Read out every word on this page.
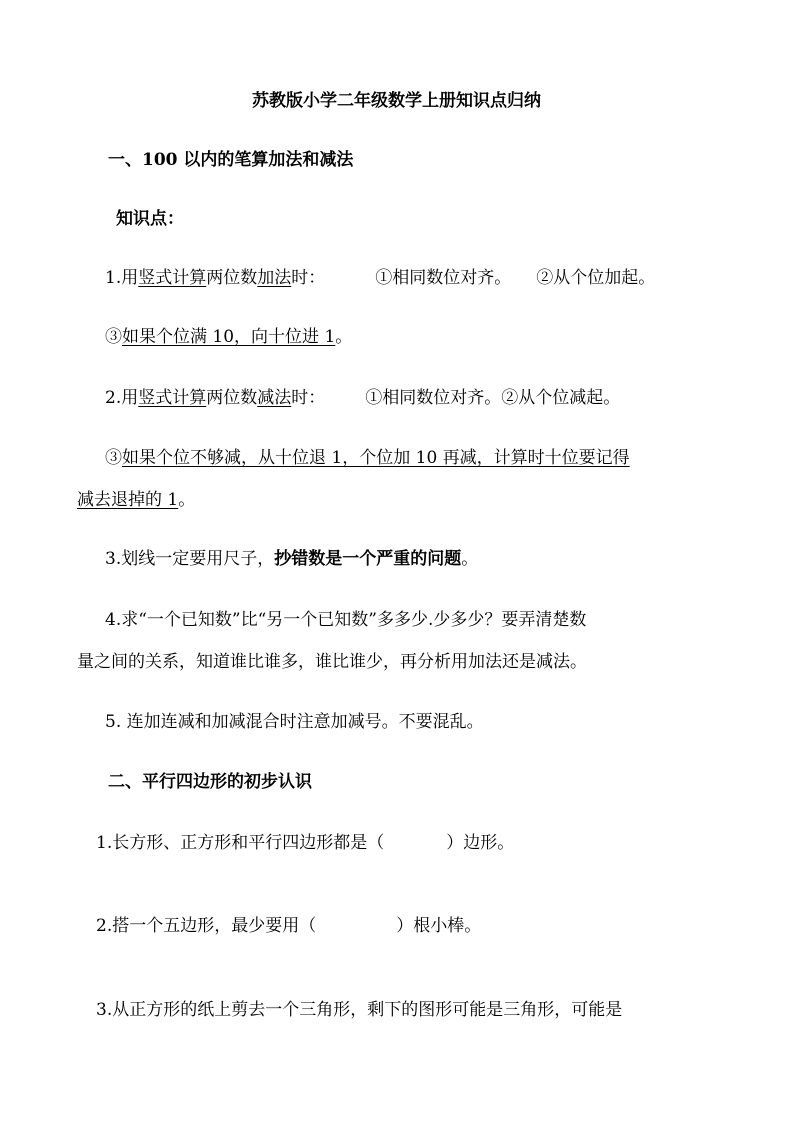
苏教版小学二年级数学上册知识点归纳
一、100 以内的笔算加法和减法
知识点：
1.用竖式计算两位数加法时：	①相同数位对齐。 ②从个位加起。
③如果个位满 10，向十位进 1。
2.用竖式计算两位数减法时： ①相同数位对齐。②从个位减起。
③如果个位不够减，从十位退 1，个位加 10 再减，计算时十位要记得
减去退掉的 1。
3.划线一定要用尺子，抄错数是一个严重的问题。
4.求“一个已知数”比“另一个已知数”多多少.少多少？要弄清楚数
量之间的关系，知道谁比谁多，谁比谁少，再分析用加法还是减法。
5. 连加连减和加减混合时注意加减号。不要混乱。
二、平行四边形的初步认识
1.长方形、正方形和平行四边形都是（	）边形。
2.搭一个五边形，最少要用（	）根小棒。
3.从正方形的纸上剪去一个三角形，剩下的图形可能是三角形，可能是
